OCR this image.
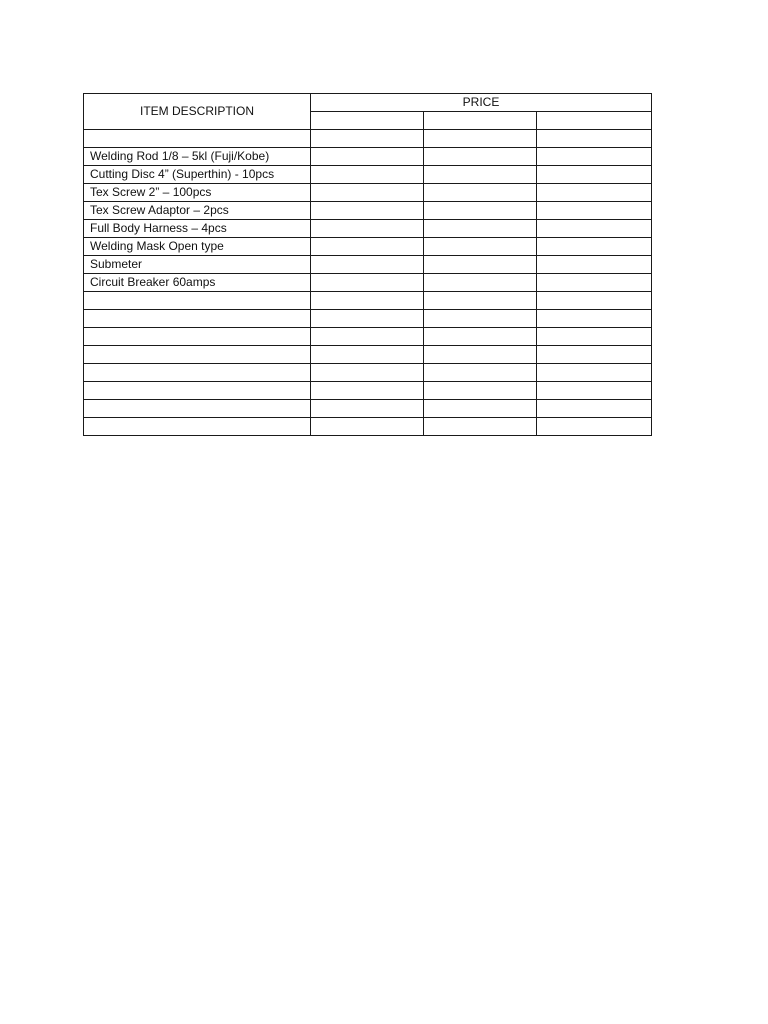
ITEM DESCRIPTION	PRICE		

Welding Rod 1/8 – 5kl (Fuji/Kobe)			
Cutting Disc 4” (Superthin) - 10pcs			
Tex Screw 2” – 100pcs			
Tex Screw Adaptor – 2pcs			
Full Body Harness – 4pcs			
Welding Mask Open type			
Submeter			
Circuit Breaker 60amps			
